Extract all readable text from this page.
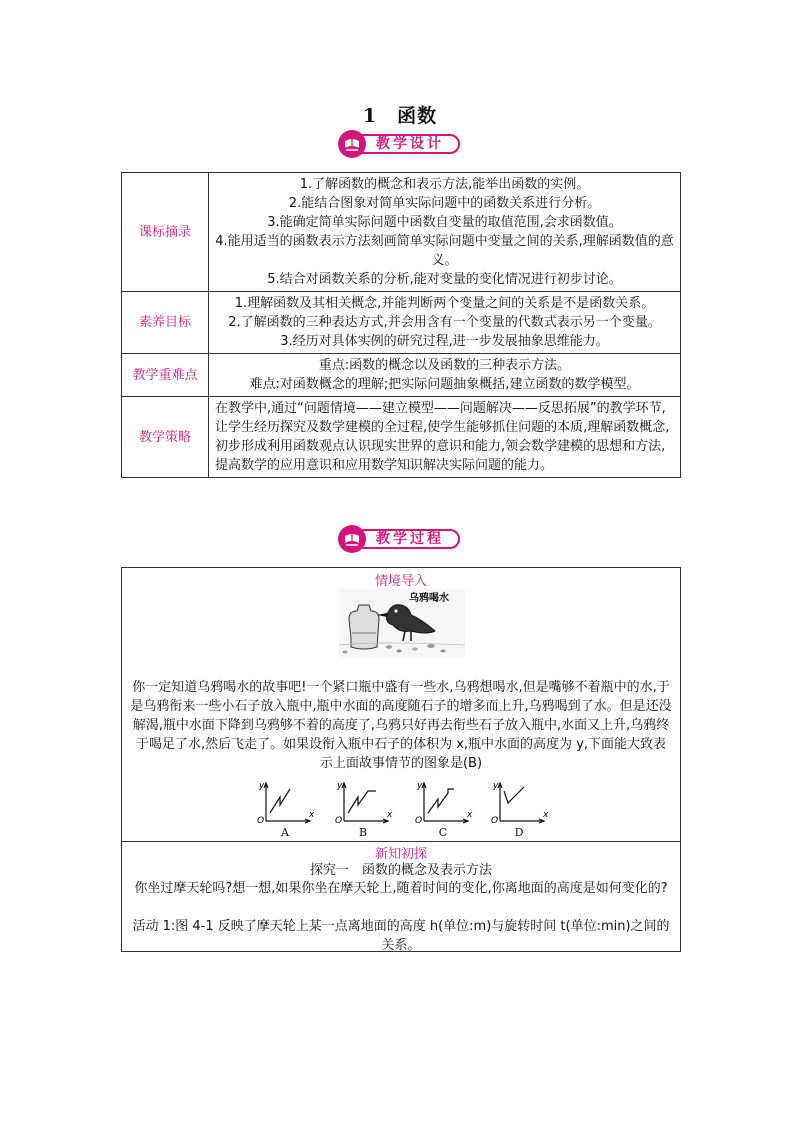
1　函数
教学设计
课标摘录	1.了解函数的概念和表示方法,能举出函数的实例。
2.能结合图象对简单实际问题中的函数关系进行分析。
3.能确定简单实际问题中函数自变量的取值范围,会求函数值。
4.能用适当的函数表示方法刻画简单实际问题中变量之间的关系,理解函数值的意义。
5.结合对函数关系的分析,能对变量的变化情况进行初步讨论。

素养目标	1.理解函数及其相关概念,并能判断两个变量之间的关系是不是函数关系。
2.了解函数的三种表达方式,并会用含有一个变量的代数式表示另一个变量。
3.经历对具体实例的研究过程,进一步发展抽象思维能力。

教学重难点	重点:函数的概念以及函数的三种表示方法。
难点:对函数概念的理解;把实际问题抽象概括,建立函数的数学模型。

教学策略	在教学中,通过“问题情境——建立模型——问题解决——反思拓展”的教学环节,让学生经历探究及数学建模的全过程,使学生能够抓住问题的本质,理解函数概念,初步形成利用函数观点认识现实世界的意识和能力,领会数学建模的思想和方法,提高数学的应用意识和应用数学知识解决实际问题的能力。
教学过程
情境导入
乌鸦喝水
你一定知道乌鸦喝水的故事吧!一个紧口瓶中盛有一些水,乌鸦想喝水,但是嘴够不着瓶中的水,于是乌鸦衔来一些小石子放入瓶中,瓶中水面的高度随石子的增多而上升,乌鸦喝到了水。但是还没解渴,瓶中水面下降到乌鸦够不着的高度了,乌鸦只好再去衔些石子放入瓶中,水面又上升,乌鸦终于喝足了水,然后飞走了。如果设衔入瓶中石子的体积为 x,瓶中水面的高度为 y,下面能大致表示上面故事情节的图象是(B)
y
x
O
A
y
x
O
B
y
x
O
C
y
x
O
D
新知初探
探究一　函数的概念及表示方法
你坐过摩天轮吗?想一想,如果你坐在摩天轮上,随着时间的变化,你离地面的高度是如何变化的?
活动 1:图 4-1 反映了摩天轮上某一点离地面的高度 h(单位:m)与旋转时间 t(单位:min)之间的关系。
